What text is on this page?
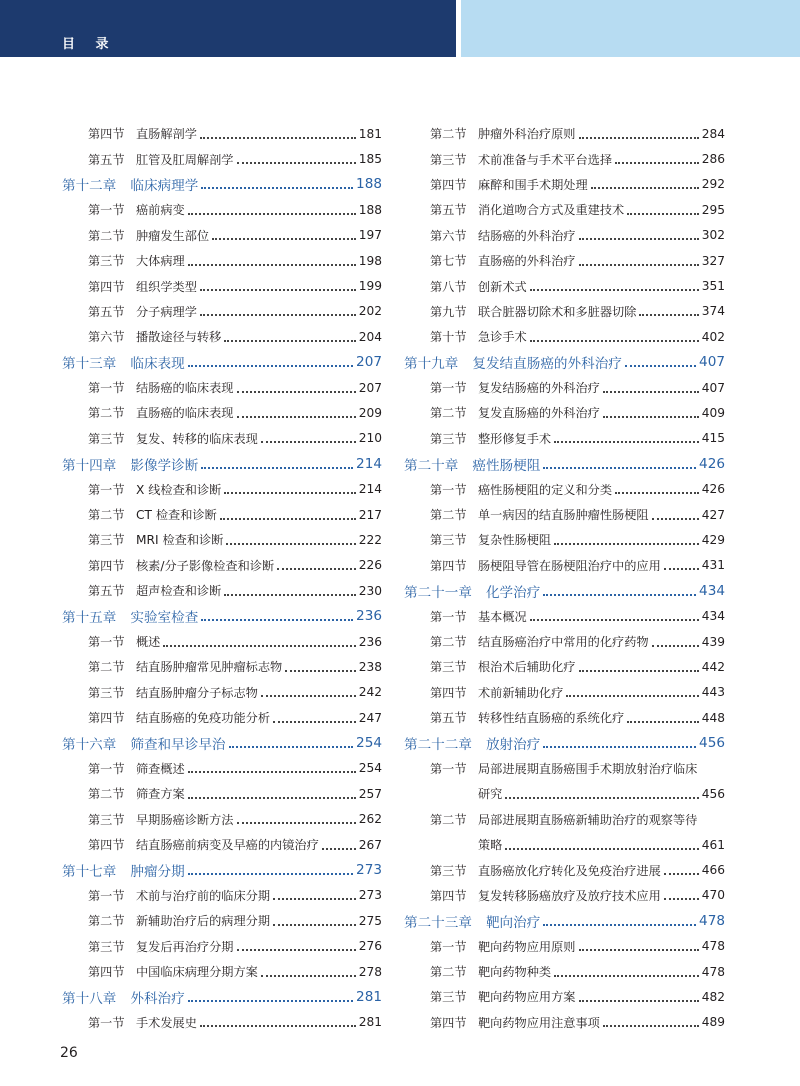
目 录
第四节 直肠解剖学	181
第五节 肛管及肛周解剖学	185
第十二章 临床病理学	188
第一节 癌前病变	188
第二节 肿瘤发生部位	197
第三节 大体病理	198
第四节 组织学类型	199
第五节 分子病理学	202
第六节 播散途径与转移	204
第十三章 临床表现	207
第一节 结肠癌的临床表现	207
第二节 直肠癌的临床表现	209
第三节 复发、转移的临床表现	210
第十四章 影像学诊断	214
第一节 X 线检查和诊断	214
第二节 CT 检查和诊断	217
第三节 MRI 检查和诊断	222
第四节 核素/分子影像检查和诊断	226
第五节 超声检查和诊断	230
第十五章 实验室检查	236
第一节 概述	236
第二节 结直肠肿瘤常见肿瘤标志物	238
第三节 结直肠肿瘤分子标志物	242
第四节 结直肠癌的免疫功能分析	247
第十六章 筛查和早诊早治	254
第一节 筛查概述	254
第二节 筛查方案	257
第三节 早期肠癌诊断方法	262
第四节 结直肠癌前病变及早癌的内镜治疗	267
第十七章 肿瘤分期	273
第一节 术前与治疗前的临床分期	273
第二节 新辅助治疗后的病理分期	275
第三节 复发后再治疗分期	276
第四节 中国临床病理分期方案	278
第十八章 外科治疗	281
第一节 手术发展史	281
第二节 肿瘤外科治疗原则	284
第三节 术前准备与手术平台选择	286
第四节 麻醉和围手术期处理	292
第五节 消化道吻合方式及重建技术	295
第六节 结肠癌的外科治疗	302
第七节 直肠癌的外科治疗	327
第八节 创新术式	351
第九节 联合脏器切除术和多脏器切除	374
第十节 急诊手术	402
第十九章 复发结直肠癌的外科治疗	407
第一节 复发结肠癌的外科治疗	407
第二节 复发直肠癌的外科治疗	409
第三节 整形修复手术	415
第二十章 癌性肠梗阻	426
第一节 癌性肠梗阻的定义和分类	426
第二节 单一病因的结直肠肿瘤性肠梗阻	427
第三节 复杂性肠梗阻	429
第四节 肠梗阻导管在肠梗阻治疗中的应用	431
第二十一章 化学治疗	434
第一节 基本概况	434
第二节 结直肠癌治疗中常用的化疗药物	439
第三节 根治术后辅助化疗	442
第四节 术前新辅助化疗	443
第五节 转移性结直肠癌的系统化疗	448
第二十二章 放射治疗	456
第一节 局部进展期直肠癌围手术期放射治疗临床
研究	456
第二节 局部进展期直肠癌新辅助治疗的观察等待
策略	461
第三节 直肠癌放化疗转化及免疫治疗进展	466
第四节 复发转移肠癌放疗及放疗技术应用	470
第二十三章 靶向治疗	478
第一节 靶向药物应用原则	478
第二节 靶向药物种类	478
第三节 靶向药物应用方案	482
第四节 靶向药物应用注意事项	489
26
